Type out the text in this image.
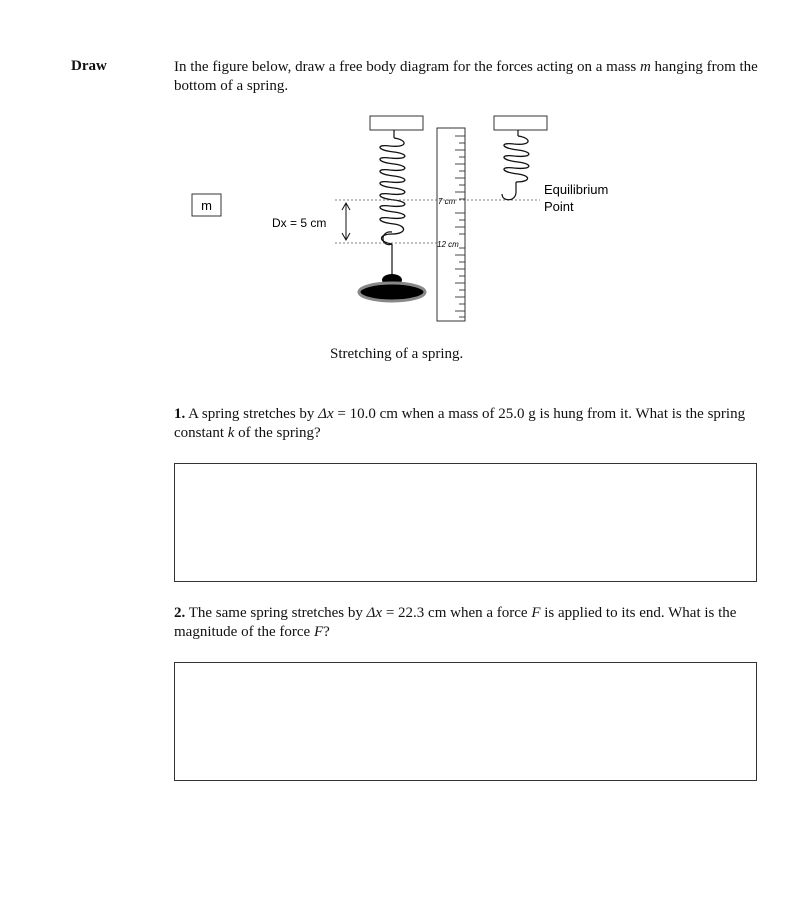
Draw	In the figure below, draw a free body diagram for the forces acting on a mass m hanging from the bottom of a spring.
m	7 cm
12 cm
Dx = 5 cm
Equilibrium
Point
Stretching of a spring.
1. A spring stretches by Δx = 10.0 cm when a mass of 25.0 g is hung from it. What is the spring constant k of the spring?
2. The same spring stretches by Δx = 22.3 cm when a force F is applied to its end. What is the magnitude of the force F?
